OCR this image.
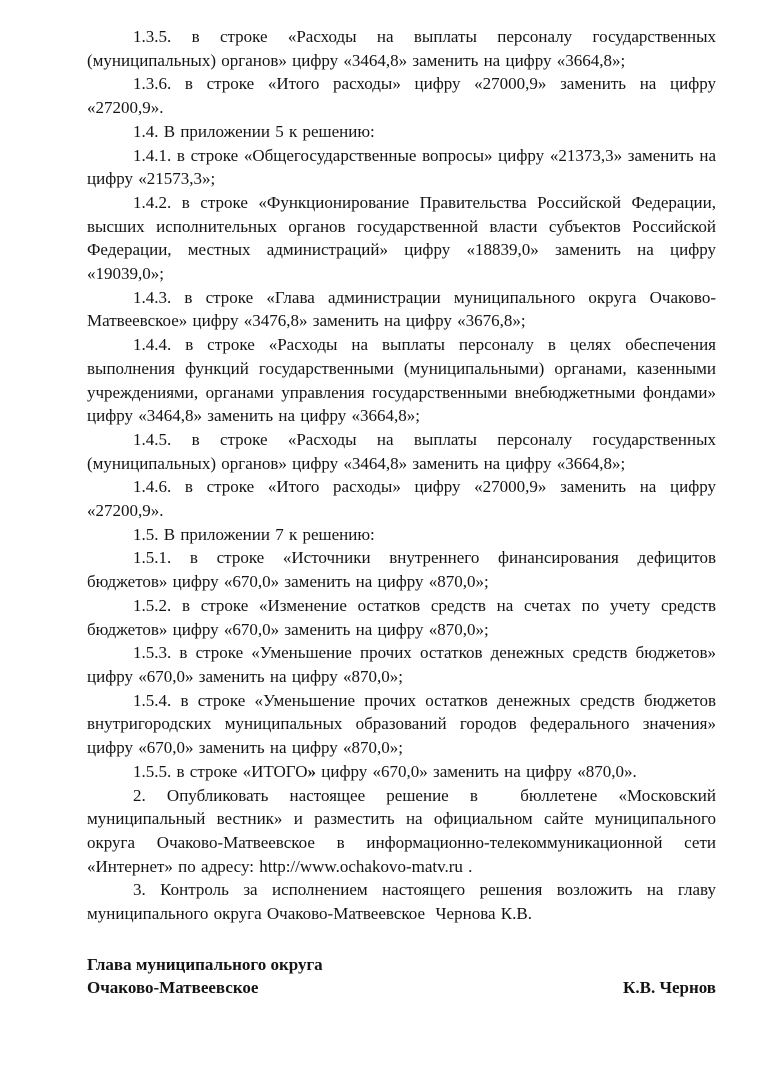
1.3.5. в строке «Расходы на выплаты персоналу государственных (муниципальных) органов» цифру «3464,8» заменить на цифру «3664,8»;

1.3.6. в строке «Итого расходы» цифру «27000,9» заменить на цифру «27200,9».

1.4. В приложении 5 к решению:

1.4.1. в строке «Общегосударственные вопросы» цифру «21373,3» заменить на цифру «21573,3»;

1.4.2. в строке «Функционирование Правительства Российской Федерации, высших исполнительных органов государственной власти субъектов Российской Федерации, местных администраций» цифру «18839,0» заменить на цифру «19039,0»;

1.4.3. в строке «Глава администрации муниципального округа Очаково-Матвеевское» цифру «3476,8» заменить на цифру «3676,8»;

1.4.4. в строке «Расходы на выплаты персоналу в целях обеспечения выполнения функций государственными (муниципальными) органами, казенными учреждениями, органами управления государственными внебюджетными фондами» цифру «3464,8» заменить на цифру «3664,8»;

1.4.5. в строке «Расходы на выплаты персоналу государственных (муниципальных) органов» цифру «3464,8» заменить на цифру «3664,8»;

1.4.6. в строке «Итого расходы» цифру «27000,9» заменить на цифру «27200,9».

1.5. В приложении 7 к решению:

1.5.1. в строке «Источники внутреннего финансирования дефицитов бюджетов» цифру «670,0» заменить на цифру «870,0»;

1.5.2. в строке «Изменение остатков средств на счетах по учету средств бюджетов» цифру «670,0» заменить на цифру «870,0»;

1.5.3. в строке «Уменьшение прочих остатков денежных средств бюджетов» цифру «670,0» заменить на цифру «870,0»;

1.5.4. в строке «Уменьшение прочих остатков денежных средств бюджетов внутригородских муниципальных образований городов федерального значения» цифру «670,0» заменить на цифру «870,0»;

1.5.5. в строке «ИТОГО» цифру «670,0» заменить на цифру «870,0».

2. Опубликовать настоящее решение в  бюллетене «Московский муниципальный вестник» и разместить на официальном сайте муниципального округа Очаково-Матвеевское в информационно-телекоммуникационной сети «Интернет» по адресу: http://www.ochakovo-matv.ru .

3. Контроль за исполнением настоящего решения возложить на главу муниципального округа Очаково-Матвеевское  Чернова К.В.

Глава муниципального округа
Очаково-Матвеевское	К.В. Чернов
